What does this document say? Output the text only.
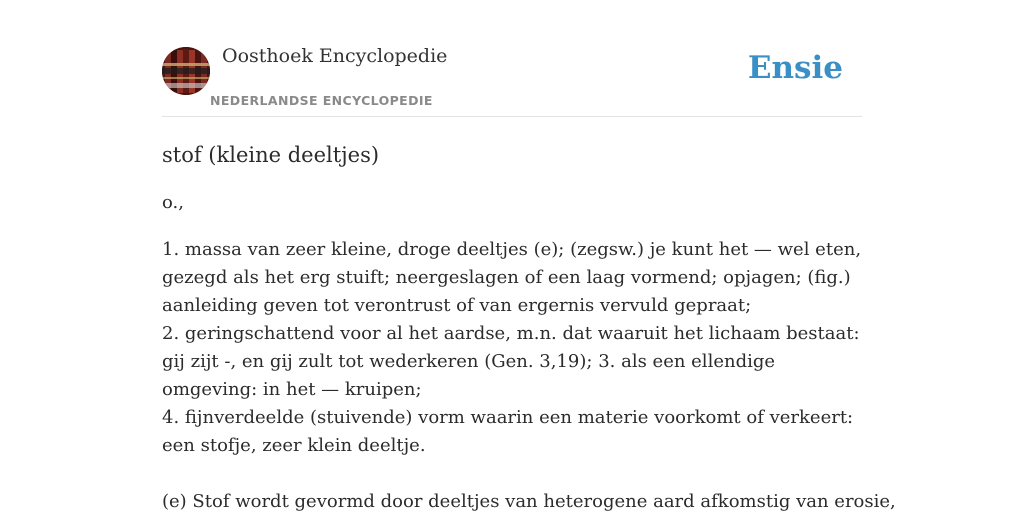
Oosthoek Encyclopedie
NEDERLANDSE ENCYCLOPEDIE
Ensie
stof (kleine deeltjes)
o.,

1. massa van zeer kleine, droge deeltjes (e); (zegsw.) je kunt het — wel eten, gezegd als het erg stuift; neergeslagen of een laag vormend; opjagen; (fig.) aanleiding geven tot verontrust of van ergernis vervuld gepraat;

2. geringschattend voor al het aardse, m.n. dat waaruit het lichaam bestaat: gij zijt -, en gij zult tot wederkeren (Gen. 3,19); 3. als een ellendige omgeving: in het — kruipen;

4. fijnverdeelde (stuivende) vorm waarin een materie voorkomt of verkeert: een stofje, zeer klein deeltje.

(e) Stof wordt gevormd door deeltjes van heterogene aard afkomstig van erosie,
